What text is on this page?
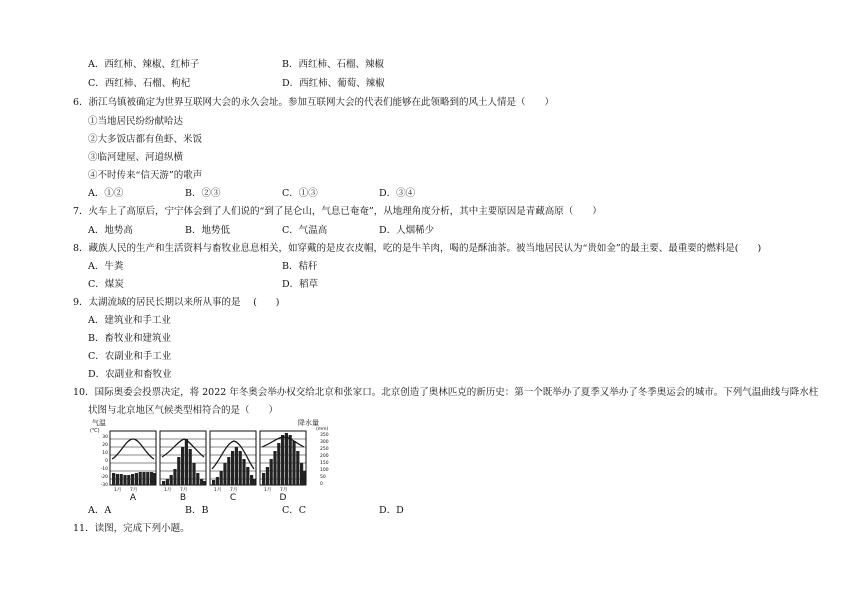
A．西红柿、辣椒、红柿子	B．西红柿、石榴、辣椒
C．西红柿、石榴、枸杞	D．西红柿、葡萄、辣椒
6．浙江乌镇被确定为世界互联网大会的永久会址。参加互联网大会的代表们能够在此领略到的风土人情是（　　）
①当地居民纷纷献哈达
②大多饭店都有鱼虾、米饭
③临河建屋、河道纵横
④不时传来“信天游”的歌声
A．①②	B．②③	C．①③	D．③④
7．火车上了高原后，宁宁体会到了人们说的“到了昆仑山，气息已奄奄”，从地理角度分析，其中主要原因是青藏高原（　　）
A．地势高	B．地势低	C．气温高	D．人烟稀少
8．藏族人民的生产和生活资料与畜牧业息息相关，如穿戴的是皮衣皮帽，吃的是牛羊肉，喝的是酥油茶。被当地居民认为“贵如金”的最主要、最重要的燃料是(　　)
A．牛粪	B．秸秆
C．煤炭	D．稻草
9．太湖流域的居民长期以来所从事的是　 (　　)
A．建筑业和手工业
B．畜牧业和建筑业
C．农副业和手工业
D．农副业和畜牧业
10．国际奥委会投票决定，将 2022 年冬奥会举办权交给北京和张家口。北京创造了奥林匹克的新历史：第一个既举办了夏季又举办了冬季奥运会的城市。下列气温曲线与降水柱
状图与北京地区气候类型相符合的是（　　）
气温
(℃)
30
20
10
0
-10
-20
-30
降水量
(mm)
350
300
250
200
150
100
50
0
1月 7月	1月 7月	1月 7月	1月 7月
A	B	C	D
A．A	B．B	C．C	D．D
11．读图，完成下列小题。
